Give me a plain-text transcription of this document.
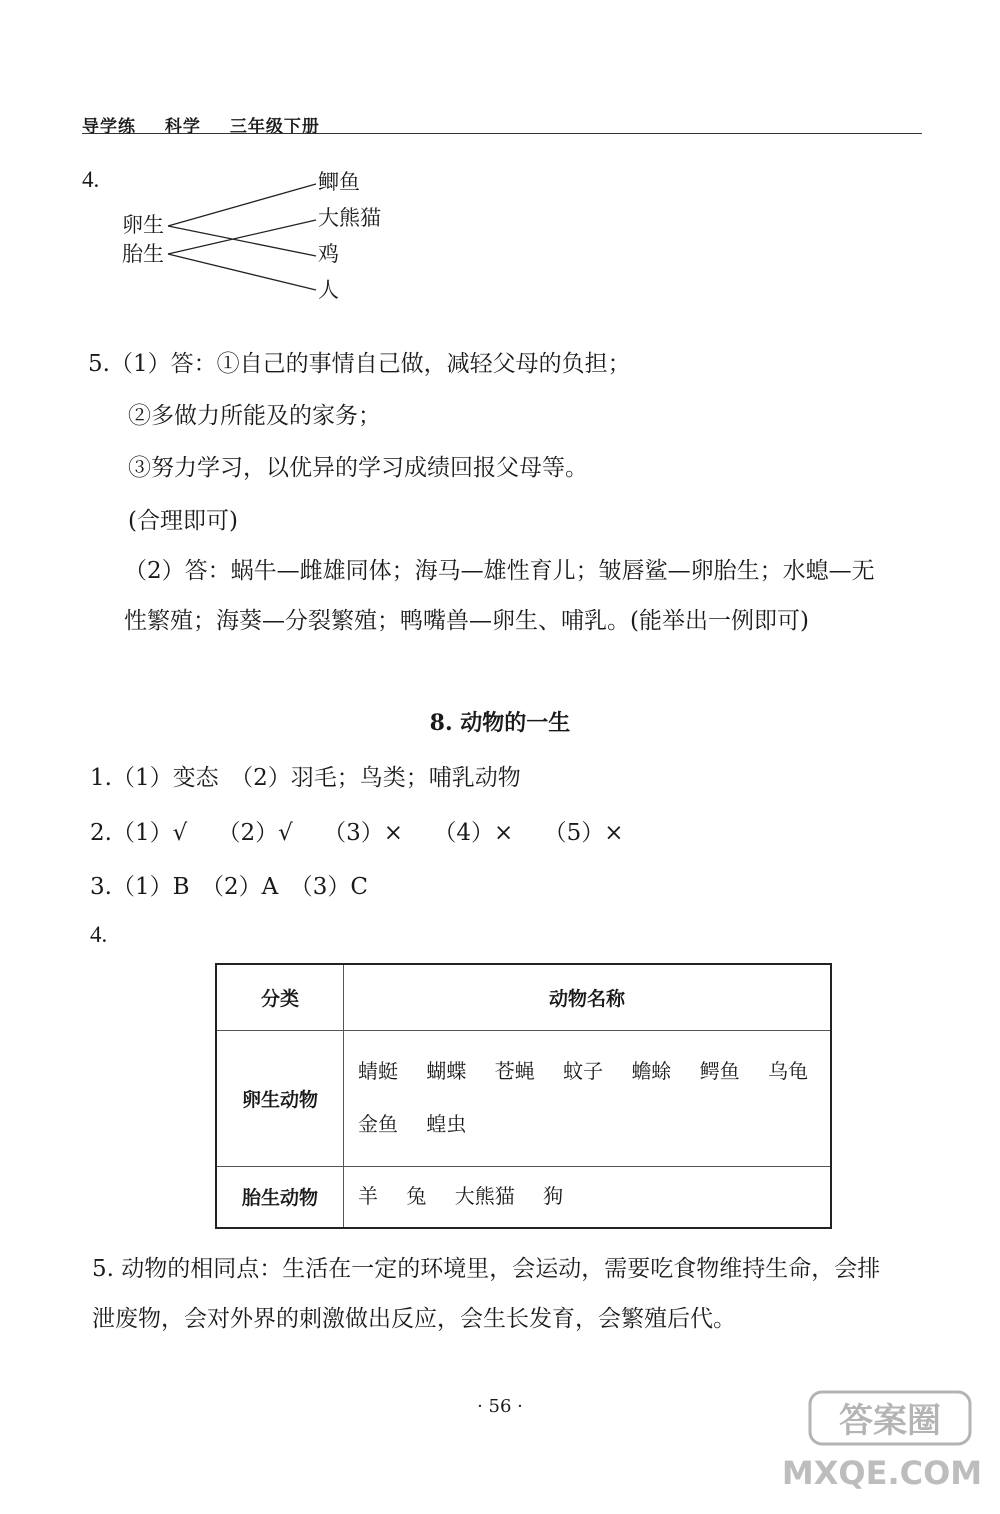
导学练 科学 三年级下册
4.
卵生
胎生
鲫鱼
大熊猫
鸡
人
5.（1）答：①自己的事情自己做，减轻父母的负担；
②多做力所能及的家务；
③努力学习，以优异的学习成绩回报父母等。
(合理即可)
（2）答：蜗牛—雌雄同体；海马—雄性育儿；皱唇鲨—卵胎生；水螅—无
性繁殖；海葵—分裂繁殖；鸭嘴兽—卵生、哺乳。(能举出一例即可)
8. 动物的一生
1.（1）变态　（2）羽毛；鸟类；哺乳动物
2.（1）√　 （2）√　 （3）×　 （4）×　 （5）×
3.（1）B　（2）A　（3）C
4.
分类	动物名称
卵生动物	蜻蜓 蝴蝶 苍蝇 蚊子 蟾蜍 鳄鱼 乌龟
金鱼 蝗虫
胎生动物	羊 兔 大熊猫 狗
5. 动物的相同点：生活在一定的环境里，会运动，需要吃食物维持生命，会排
泄废物，会对外界的刺激做出反应，会生长发育，会繁殖后代。
· 56 ·	答案圈
MXQE.COM
